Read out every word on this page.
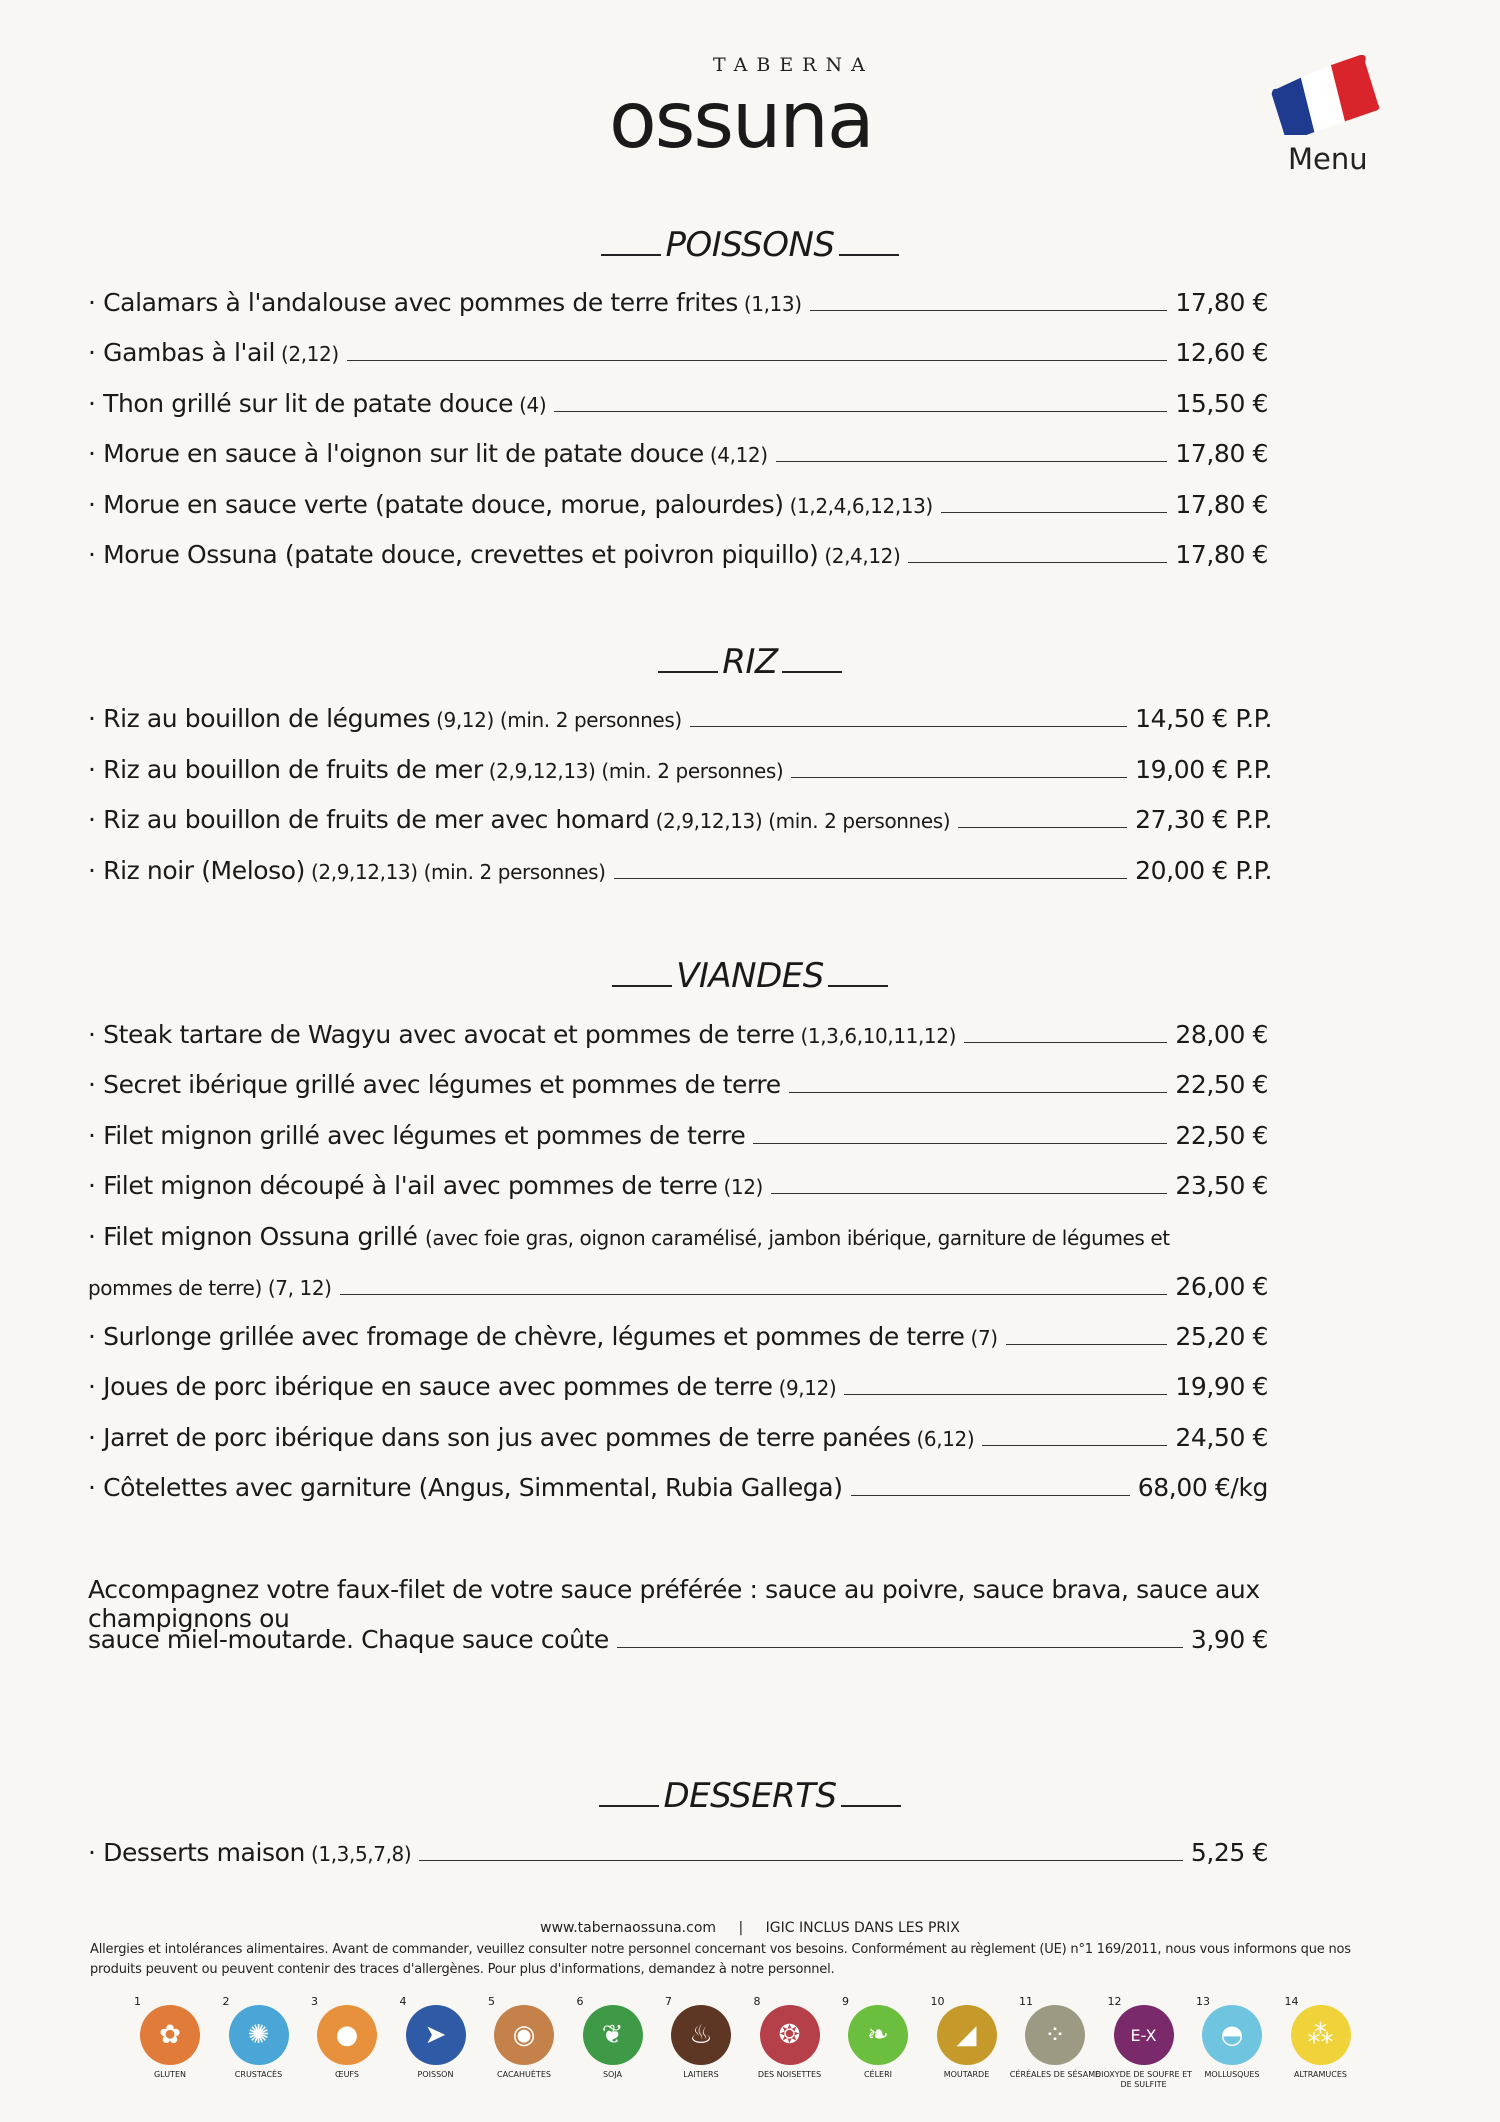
TABERNA
ossuna	Menu
POISSONS
· Calamars à l'andalouse avec pommes de terre frites (1,13)	17,80 €
· Gambas à l'ail (2,12)	12,60 €
· Thon grillé sur lit de patate douce (4)	15,50 €
· Morue en sauce à l'oignon sur lit de patate douce (4,12)	17,80 €
· Morue en sauce verte (patate douce, morue, palourdes) (1,2,4,6,12,13)	17,80 €
· Morue Ossuna (patate douce, crevettes et poivron piquillo) (2,4,12)	17,80 €
RIZ
· Riz au bouillon de légumes (9,12) (min. 2 personnes)	14,50 € P.P.
· Riz au bouillon de fruits de mer (2,9,12,13) (min. 2 personnes)	19,00 € P.P.
· Riz au bouillon de fruits de mer avec homard (2,9,12,13) (min. 2 personnes)	27,30 € P.P.
· Riz noir (Meloso) (2,9,12,13) (min. 2 personnes)	20,00 € P.P.
VIANDES
· Steak tartare de Wagyu avec avocat et pommes de terre (1,3,6,10,11,12)	28,00 €
· Secret ibérique grillé avec légumes et pommes de terre	22,50 €
· Filet mignon grillé avec légumes et pommes de terre	22,50 €
· Filet mignon découpé à l'ail avec pommes de terre (12)	23,50 €
· Filet mignon Ossuna grillé (avec foie gras, oignon caramélisé, jambon ibérique, garniture de légumes et
pommes de terre) (7, 12)	26,00 €
· Surlonge grillée avec fromage de chèvre, légumes et pommes de terre (7)	25,20 €
· Joues de porc ibérique en sauce avec pommes de terre (9,12)	19,90 €
· Jarret de porc ibérique dans son jus avec pommes de terre panées (6,12)	24,50 €
· Côtelettes avec garniture (Angus, Simmental, Rubia Gallega)	68,00 €/kg
Accompagnez votre faux-filet de votre sauce préférée : sauce au poivre, sauce brava, sauce aux champignons ou
sauce miel-moutarde. Chaque sauce coûte	3,90 €
DESSERTS
· Desserts maison (1,3,5,7,8)	5,25 €
www.tabernaossuna.com | IGIC INCLUS DANS LES PRIX
Allergies et intolérances alimentaires. Avant de commander, veuillez consulter notre personnel concernant vos besoins. Conformément au règlement (UE) n°1 169/2011, nous vous informons que nos
produits peuvent ou peuvent contenir des traces d'allergènes. Pour plus d'informations, demandez à notre personnel.
1
✿
GLUTEN
2
✺
CRUSTACÉS
3
●
ŒUFS
4
➤
POISSON
5
◉
CACAHUÈTES
6
❦
SOJA
7
♨
LAITIERS
8
❂
DES NOISETTES
9
❧
CÉLERI
10
◢
MOUTARDE
11
⁘
CÉRÉALES DE SÉSAME
12
E-X
DIOXYDE DE SOUFRE ET DE SULFITE
13
◓
MOLLUSQUES
14
⁂
ALTRAMUCES
